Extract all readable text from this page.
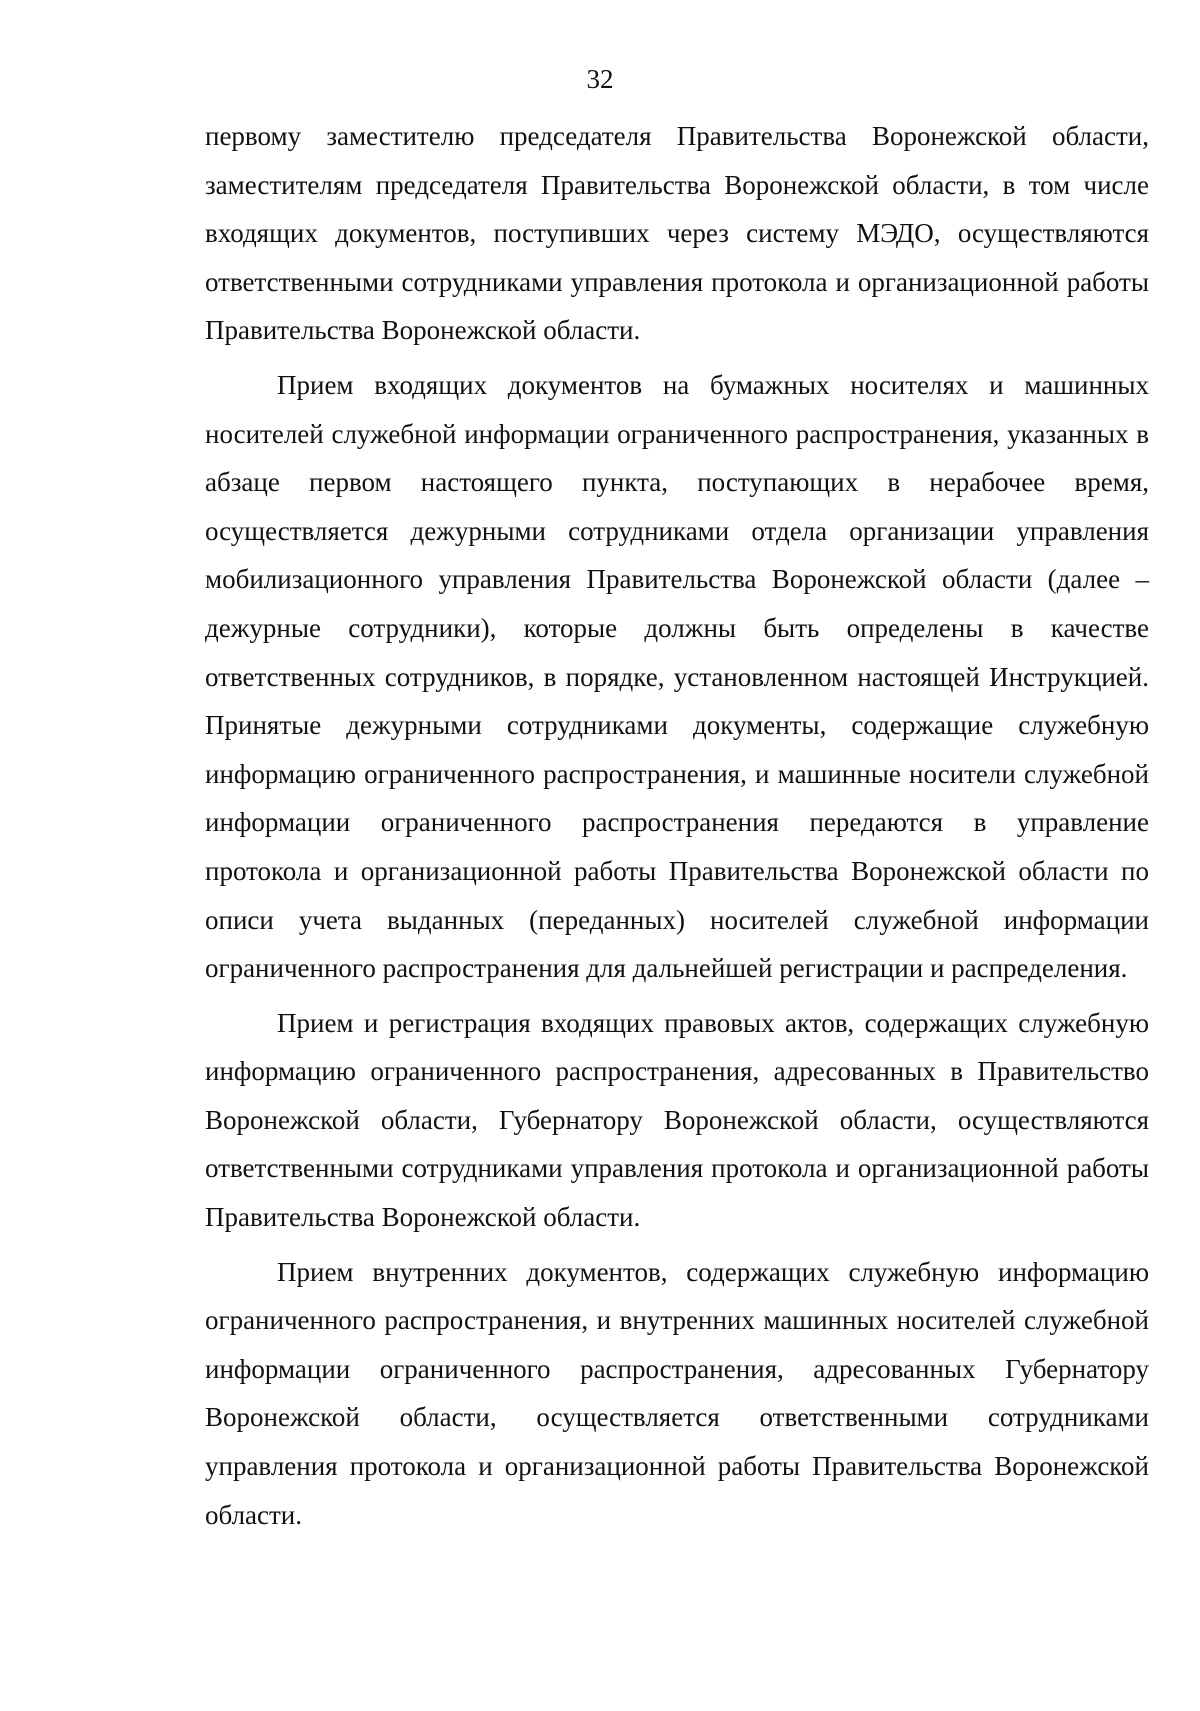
32

первому заместителю председателя Правительства Воронежской области, заместителям председателя Правительства Воронежской области, в том числе входящих документов, поступивших через систему МЭДО, осуществляются ответственными сотрудниками управления протокола и организационной работы Правительства Воронежской области.

Прием входящих документов на бумажных носителях и машинных носителей служебной информации ограниченного распространения, указанных в абзаце первом настоящего пункта, поступающих в нерабочее время, осуществляется дежурными сотрудниками отдела организации управления мобилизационного управления Правительства Воронежской области (далее – дежурные сотрудники), которые должны быть определены в качестве ответственных сотрудников, в порядке, установленном настоящей Инструкцией. Принятые дежурными сотрудниками документы, содержащие служебную информацию ограниченного распространения, и машинные носители служебной информации ограниченного распространения передаются в управление протокола и организационной работы Правительства Воронежской области по описи учета выданных (переданных) носителей служебной информации ограниченного распространения для дальнейшей регистрации и распределения.

Прием и регистрация входящих правовых актов, содержащих служебную информацию ограниченного распространения, адресованных в Правительство Воронежской области, Губернатору Воронежской области, осуществляются ответственными сотрудниками управления протокола и организационной работы Правительства Воронежской области.

Прием внутренних документов, содержащих служебную информацию ограниченного распространения, и внутренних машинных носителей служебной информации ограниченного распространения, адресованных Губернатору Воронежской области, осуществляется ответственными сотрудниками управления протокола и организационной работы Правительства Воронежской области.
